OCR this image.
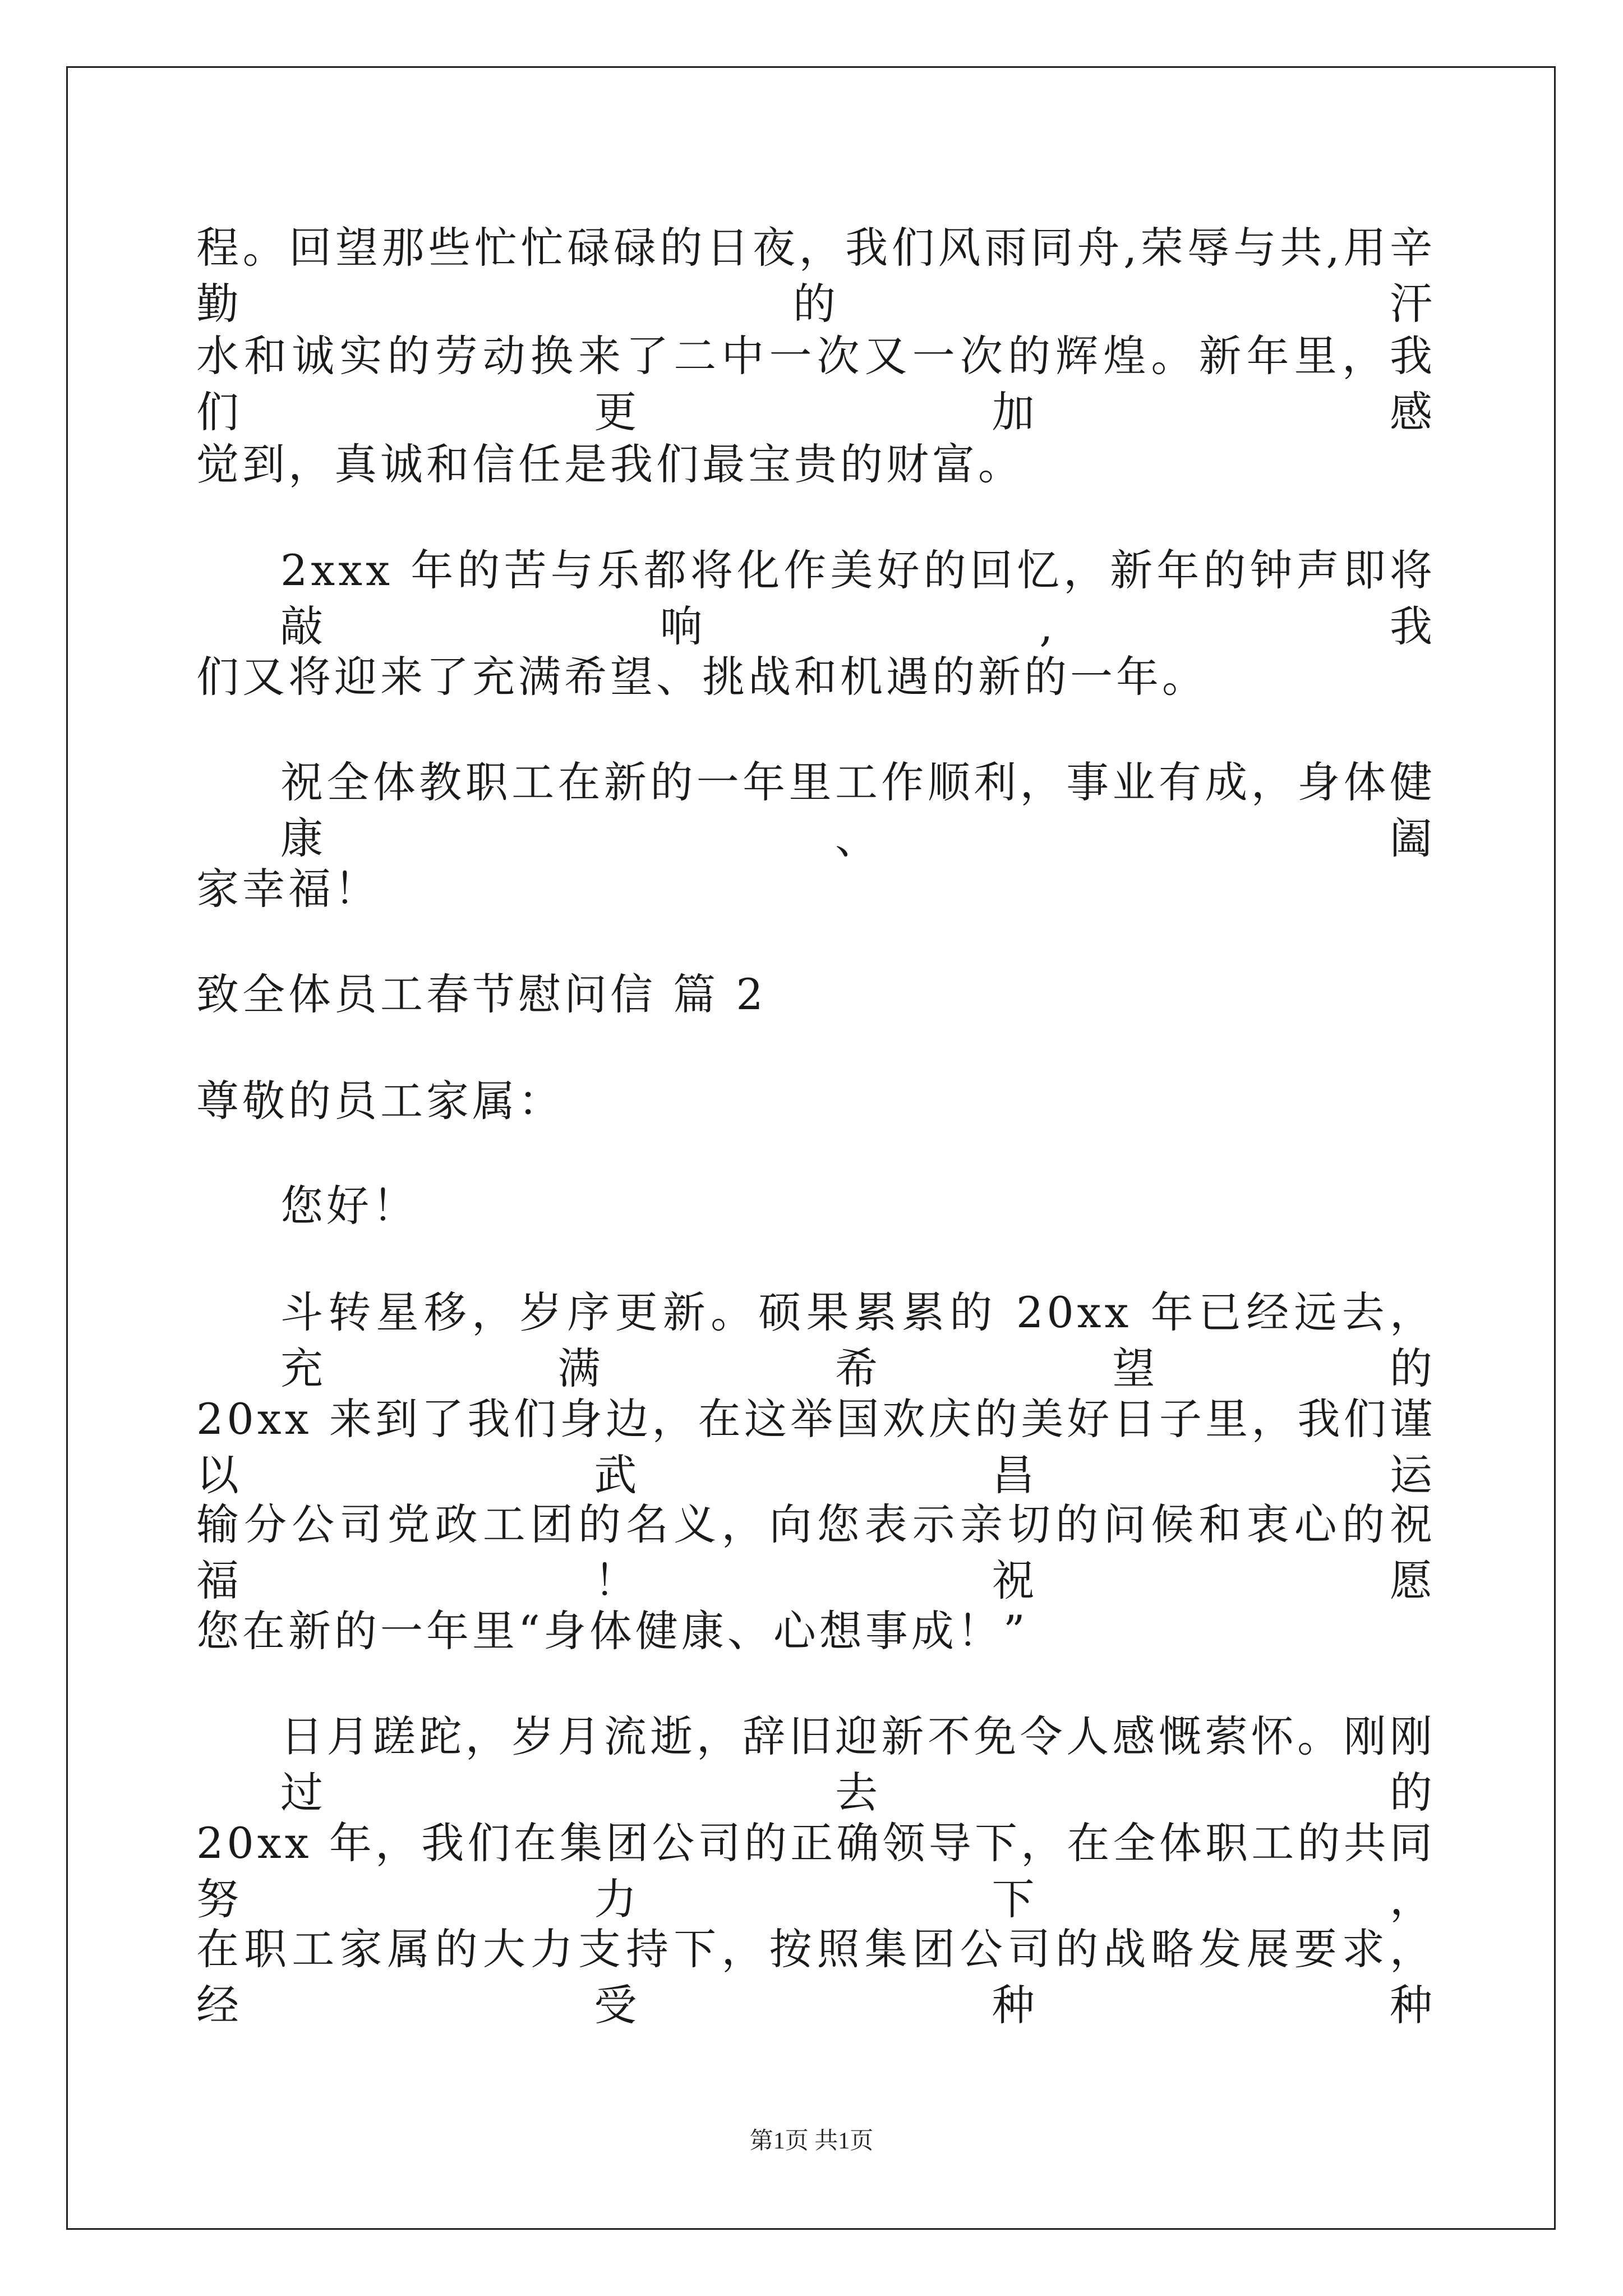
程。回望那些忙忙碌碌的日夜，我们风雨同舟,荣辱与共,用辛勤的汗
水和诚实的劳动换来了二中一次又一次的辉煌。新年里，我们更加感
觉到，真诚和信任是我们最宝贵的财富。
2xxx 年的苦与乐都将化作美好的回忆，新年的钟声即将敲响,我
们又将迎来了充满希望、挑战和机遇的新的一年。
祝全体教职工在新的一年里工作顺利，事业有成，身体健康、阖
家幸福！
致全体员工春节慰问信 篇 2
尊敬的员工家属：
您好！
斗转星移，岁序更新。硕果累累的 20xx 年已经远去，充满希望的
20xx 来到了我们身边，在这举国欢庆的美好日子里，我们谨以武昌运
输分公司党政工团的名义，向您表示亲切的问候和衷心的祝福！祝愿
您在新的一年里“身体健康、心想事成！”
日月蹉跎，岁月流逝，辞旧迎新不免令人感慨萦怀。刚刚过去的
20xx 年，我们在集团公司的正确领导下，在全体职工的共同努力下，
在职工家属的大力支持下，按照集团公司的战略发展要求，经受种种
第1页 共1页
